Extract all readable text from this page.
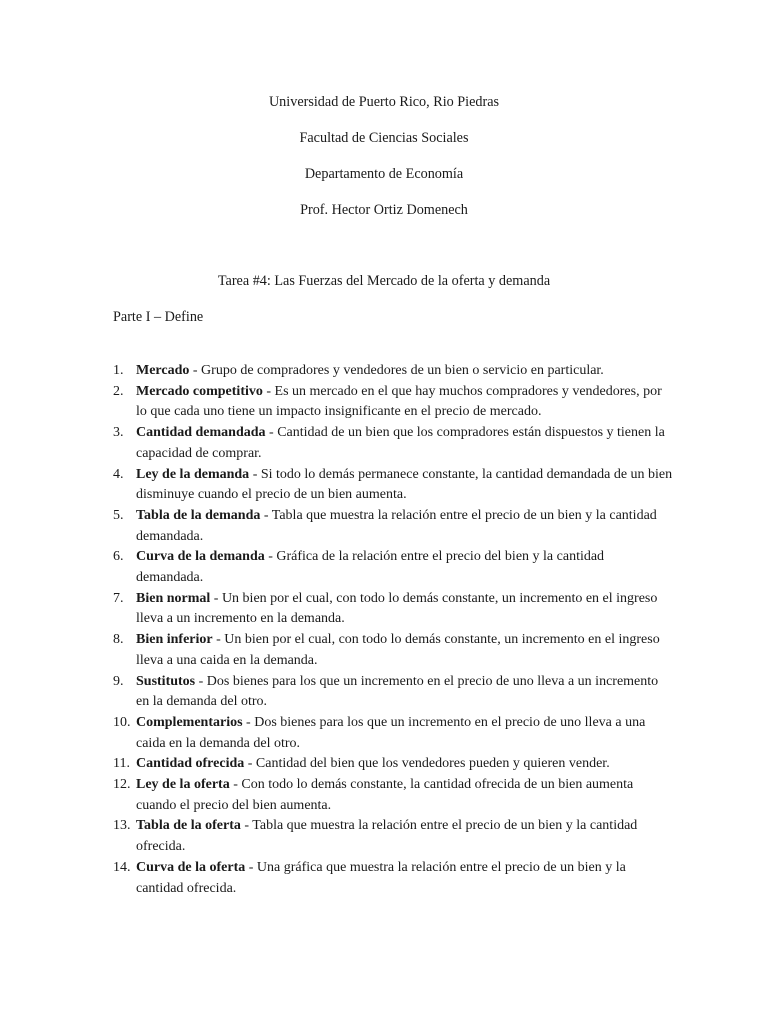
Universidad de Puerto Rico, Rio Piedras
Facultad de Ciencias Sociales
Departamento de Economía
Prof. Hector Ortiz Domenech
Tarea #4: Las Fuerzas del Mercado de la oferta y demanda
Parte I – Define
1. Mercado - Grupo de compradores y vendedores de un bien o servicio en particular.
2. Mercado competitivo - Es un mercado en el que hay muchos compradores y vendedores, por lo que cada uno tiene un impacto insignificante en el precio de mercado.
3. Cantidad demandada - Cantidad de un bien que los compradores están dispuestos y tienen la capacidad de comprar.
4. Ley de la demanda - Si todo lo demás permanece constante, la cantidad demandada de un bien disminuye cuando el precio de un bien aumenta.
5. Tabla de la demanda - Tabla que muestra la relación entre el precio de un bien y la cantidad demandada.
6. Curva de la demanda - Gráfica de la relación entre el precio del bien y la cantidad demandada.
7. Bien normal - Un bien por el cual, con todo lo demás constante, un incremento en el ingreso lleva a un incremento en la demanda.
8. Bien inferior - Un bien por el cual, con todo lo demás constante, un incremento en el ingreso lleva a una caida en la demanda.
9. Sustitutos - Dos bienes para los que un incremento en el precio de uno lleva a un incremento en la demanda del otro.
10. Complementarios - Dos bienes para los que un incremento en el precio de uno lleva a una caida en la demanda del otro.
11. Cantidad ofrecida - Cantidad del bien que los vendedores pueden y quieren vender.
12. Ley de la oferta - Con todo lo demás constante, la cantidad ofrecida de un bien aumenta cuando el precio del bien aumenta.
13. Tabla de la oferta - Tabla que muestra la relación entre el precio de un bien y la cantidad ofrecida.
14. Curva de la oferta - Una gráfica que muestra la relación entre el precio de un bien y la cantidad ofrecida.
